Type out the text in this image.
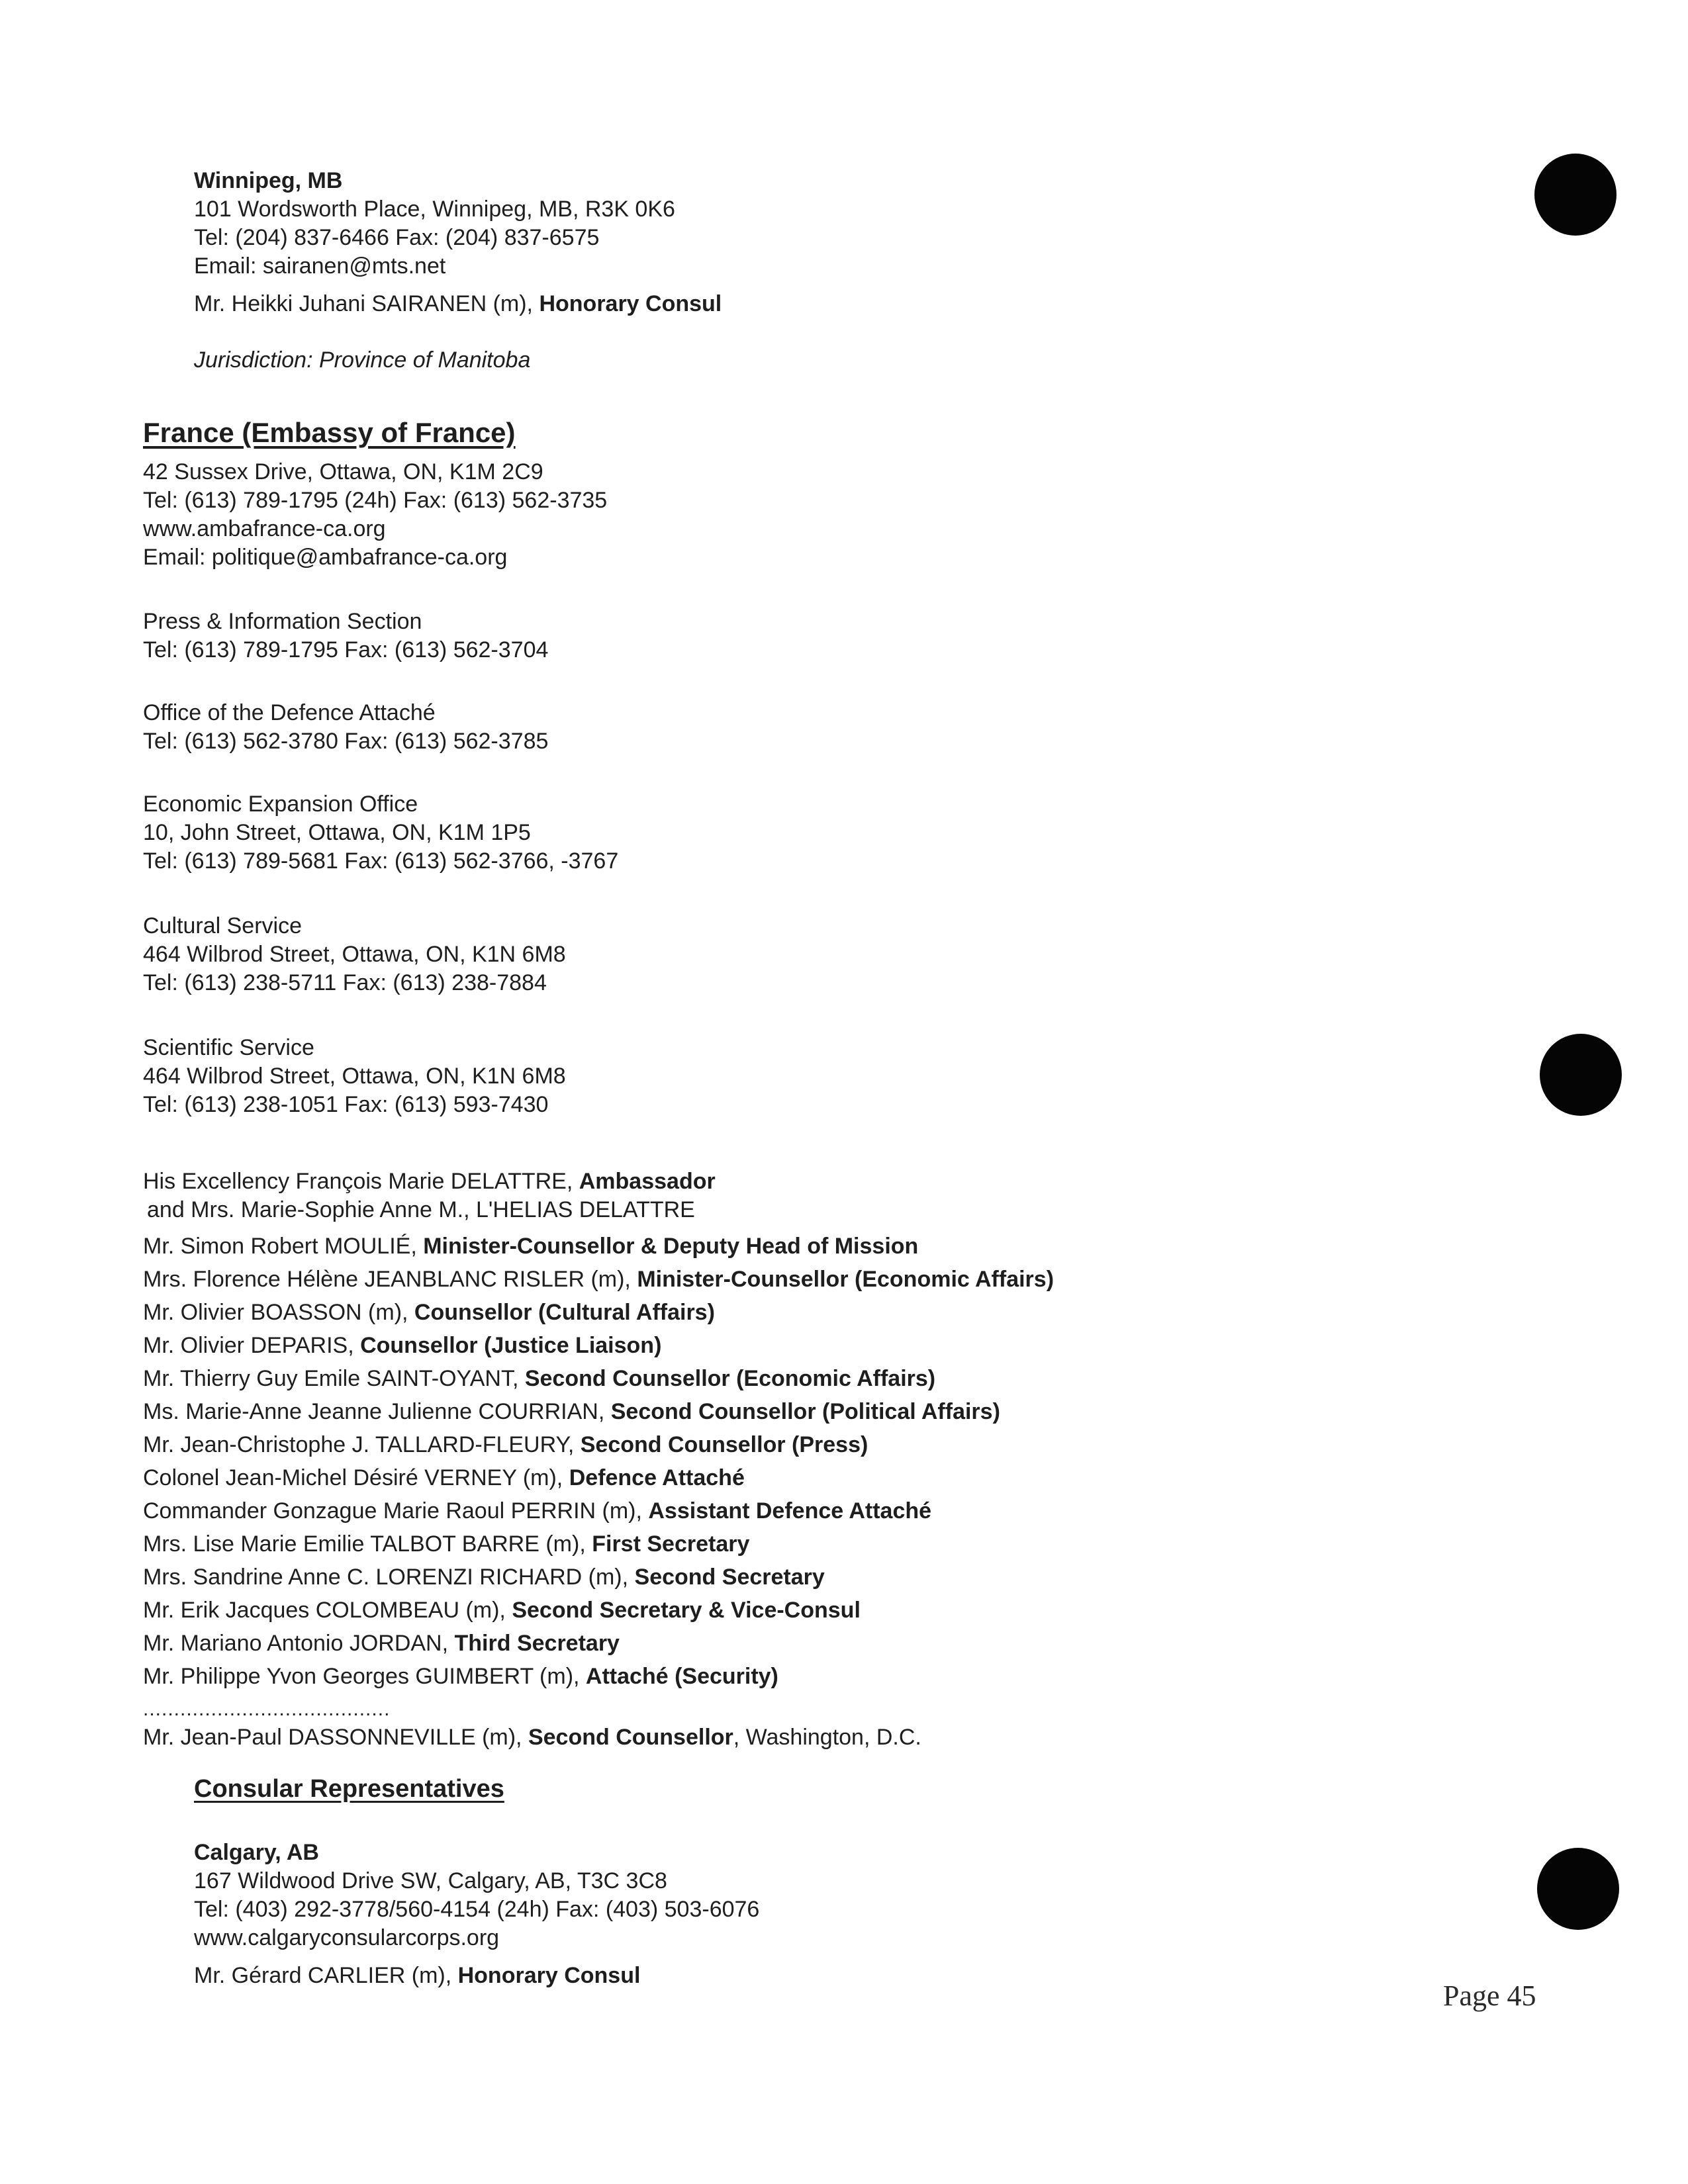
Winnipeg, MB
101 Wordsworth Place, Winnipeg, MB, R3K 0K6
Tel: (204) 837-6466 Fax: (204) 837-6575
Email: sairanen@mts.net
Mr. Heikki Juhani SAIRANEN (m), Honorary Consul
Jurisdiction: Province of Manitoba
France (Embassy of France)
42 Sussex Drive, Ottawa, ON, K1M 2C9
Tel: (613) 789-1795 (24h) Fax: (613) 562-3735
www.ambafrance-ca.org
Email: politique@ambafrance-ca.org
Press & Information Section
Tel: (613) 789-1795 Fax: (613) 562-3704
Office of the Defence Attaché
Tel: (613) 562-3780 Fax: (613) 562-3785
Economic Expansion Office
10, John Street, Ottawa, ON, K1M 1P5
Tel: (613) 789-5681 Fax: (613) 562-3766, -3767
Cultural Service
464 Wilbrod Street, Ottawa, ON, K1N 6M8
Tel: (613) 238-5711 Fax: (613) 238-7884
Scientific Service
464 Wilbrod Street, Ottawa, ON, K1N 6M8
Tel: (613) 238-1051 Fax: (613) 593-7430
His Excellency François Marie DELATTRE, Ambassador
and Mrs. Marie-Sophie Anne M., L'HELIAS DELATTRE
Mr. Simon Robert MOULIÉ, Minister-Counsellor & Deputy Head of Mission
Mrs. Florence Hélène JEANBLANC RISLER (m), Minister-Counsellor (Economic Affairs)
Mr. Olivier BOASSON (m), Counsellor (Cultural Affairs)
Mr. Olivier DEPARIS, Counsellor (Justice Liaison)
Mr. Thierry Guy Emile SAINT-OYANT, Second Counsellor (Economic Affairs)
Ms. Marie-Anne Jeanne Julienne COURRIAN, Second Counsellor (Political Affairs)
Mr. Jean-Christophe J. TALLARD-FLEURY, Second Counsellor (Press)
Colonel Jean-Michel Désiré VERNEY (m), Defence Attaché
Commander Gonzague Marie Raoul PERRIN (m), Assistant Defence Attaché
Mrs. Lise Marie Emilie TALBOT BARRE (m), First Secretary
Mrs. Sandrine Anne C. LORENZI RICHARD (m), Second Secretary
Mr. Erik Jacques COLOMBEAU (m), Second Secretary & Vice-Consul
Mr. Mariano Antonio JORDAN, Third Secretary
Mr. Philippe Yvon Georges GUIMBERT (m), Attaché (Security)
........................................
Mr. Jean-Paul DASSONNEVILLE (m), Second Counsellor, Washington, D.C.
Consular Representatives
Calgary, AB
167 Wildwood Drive SW, Calgary, AB, T3C 3C8
Tel: (403) 292-3778/560-4154 (24h) Fax: (403) 503-6076
www.calgaryconsularcorps.org
Mr. Gérard CARLIER (m), Honorary Consul
Page 45
